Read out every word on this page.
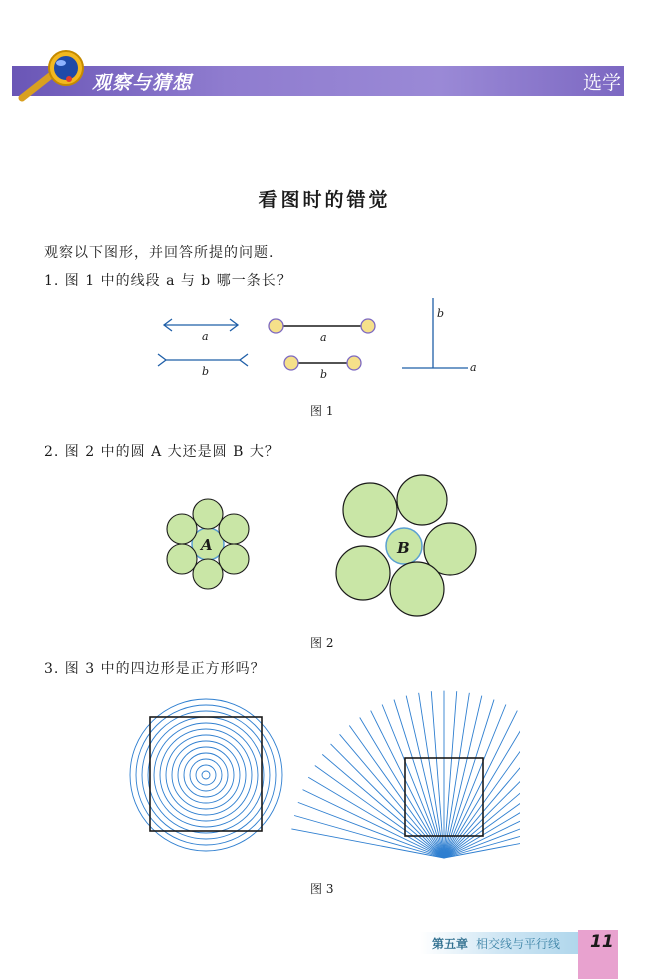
观察与猜想	选学
看图时的错觉
观察以下图形，并回答所提的问题.
1. 图 1 中的线段 a 与 b 哪一条长？
a
b
a
b
b
a
图 1
2. 图 2 中的圆 A 大还是圆 B 大？
A	B
图 2
3. 图 3 中的四边形是正方形吗？
图 3
第五章 相交线与平行线 11
